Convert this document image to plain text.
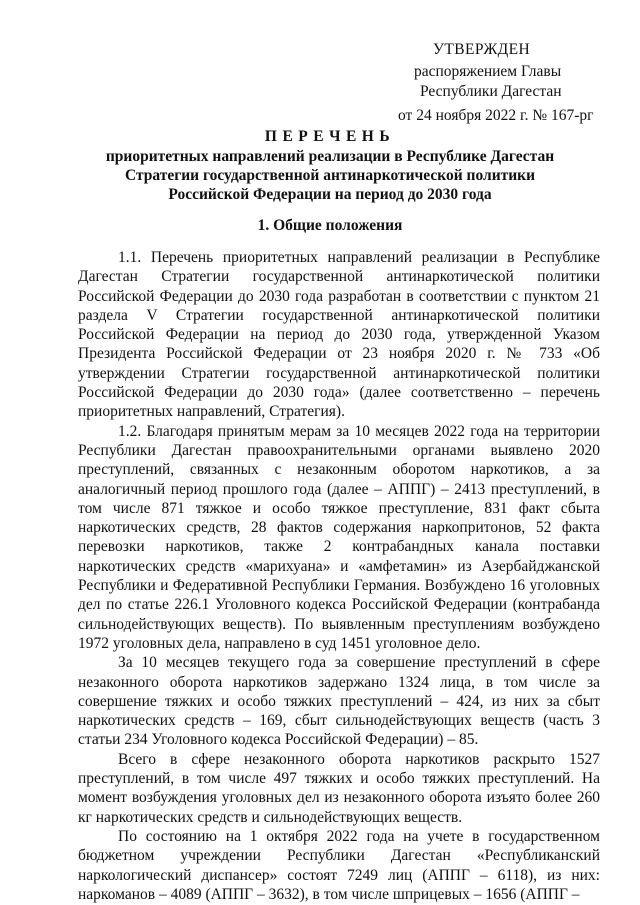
УТВЕРЖДЕН
распоряжением Главы
Республики Дагестан
от 24 ноября 2022 г. № 167-рг
ПЕРЕЧЕНЬ
приоритетных направлений реализации в Республике Дагестан
Стратегии государственной антинаркотической политики
Российской Федерации на период до 2030 года
1. Общие положения

1.1. Перечень приоритетных направлений реализации в Республике Дагестан Стратегии государственной антинаркотической политики Российской Федерации до 2030 года разработан в соответствии с пунктом 21 раздела V Стратегии государственной антинаркотической политики Российской Федерации на период до 2030 года, утвержденной Указом Президента Российской Федерации от 23 ноября 2020 г. № 733 «Об утверждении Стратегии государственной антинаркотической политики Российской Федерации до 2030 года» (далее соответственно – перечень приоритетных направлений, Стратегия).

1.2. Благодаря принятым мерам за 10 месяцев 2022 года на территории Республики Дагестан правоохранительными органами выявлено 2020 преступлений, связанных с незаконным оборотом наркотиков, а за аналогичный период прошлого года (далее – АППГ) – 2413 преступлений, в том числе 871 тяжкое и особо тяжкое преступление, 831 факт сбыта наркотических средств, 28 фактов содержания наркопритонов, 52 факта перевозки наркотиков, также 2 контрабандных канала поставки наркотических средств «марихуана» и «амфетамин» из Азербайджанской Республики и Федеративной Республики Германия. Возбуждено 16 уголовных дел по статье 226.1 Уголовного кодекса Российской Федерации (контрабанда сильнодействующих веществ). По выявленным преступлениям возбуждено 1972 уголовных дела, направлено в суд 1451 уголовное дело.

За 10 месяцев текущего года за совершение преступлений в сфере незаконного оборота наркотиков задержано 1324 лица, в том числе за совершение тяжких и особо тяжких преступлений – 424, из них за сбыт наркотических средств – 169, сбыт сильнодействующих веществ (часть 3 статьи 234 Уголовного кодекса Российской Федерации) – 85.

Всего в сфере незаконного оборота наркотиков раскрыто 1527 преступлений, в том числе 497 тяжких и особо тяжких преступлений. На момент возбуждения уголовных дел из незаконного оборота изъято более 260 кг наркотических средств и сильнодействующих веществ.

По состоянию на 1 октября 2022 года на учете в государственном бюджетном учреждении Республики Дагестан «Республиканский наркологический диспансер» состоят 7249 лиц (АППГ – 6118), из них: наркоманов – 4089 (АППГ – 3632), в том числе шприцевых – 1656 (АППГ –
